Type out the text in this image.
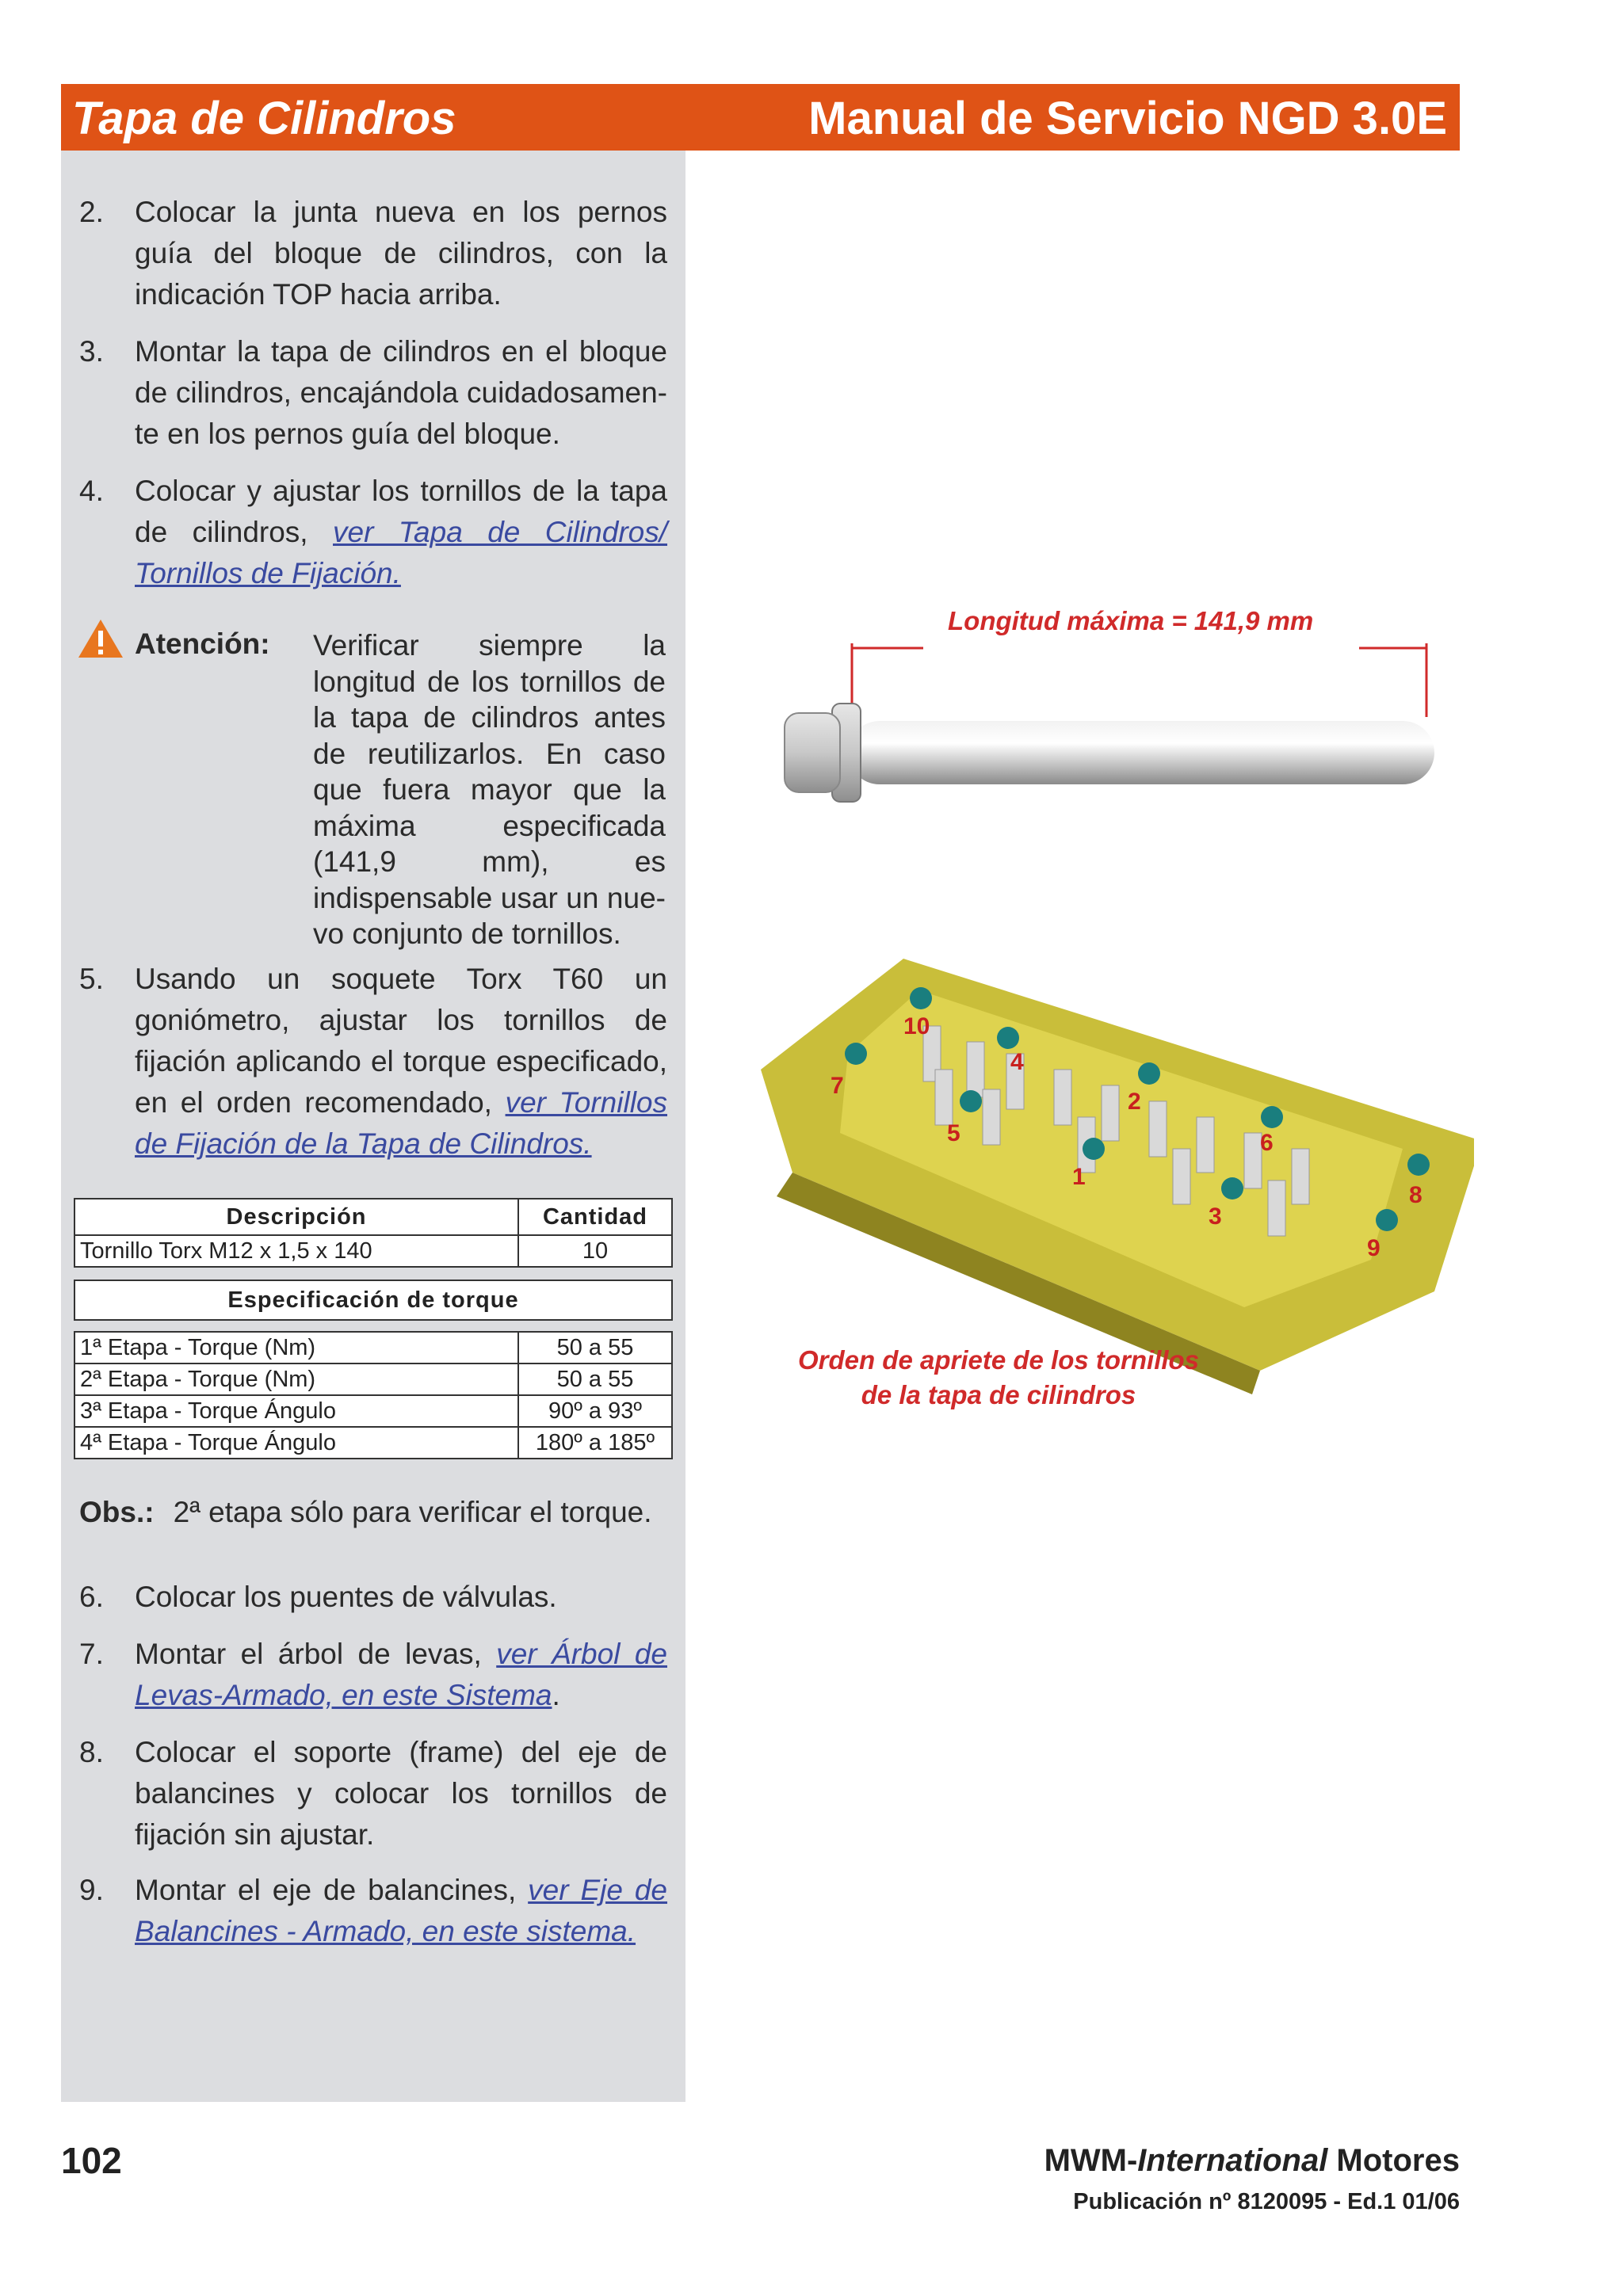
Tapa de Cilindros	Manual de Servicio NGD 3.0E
2.	Colocar la junta nueva en los pernos guía del bloque de cilindros, con la indicación TOP hacia arriba.
3.	Montar la tapa de cilindros en el bloque de cilindros, encajándola cuidadosamente en los pernos guía del bloque.
4.	Colocar y ajustar los tornillos de la tapa de cilindros, ver Tapa de Cilindros/ Tornillos de Fijación.
Atención: Verificar siempre la longitud de los tornillos de la tapa de cilindros antes de reutilizarlos. En caso que fuera mayor que la máxima especificada (141,9 mm), es indispensable usar un nuevo conjunto de tornillos.
5.	Usando un soquete Torx T60 un goniómetro, ajustar los tornillos de fijación aplicando el torque especificado, en el orden recomendado, ver Tornillos de Fijación de la Tapa de Cilindros.
Descripción	Cantidad
Tornillo Torx M12 x 1,5 x 140	10
Especificación de torque
1ª Etapa - Torque (Nm)	50 a 55
2ª Etapa - Torque (Nm)	50 a 55
3ª Etapa - Torque Ángulo	90º a 93º
4ª Etapa - Torque Ángulo	180º a 185º
Obs.: 2ª etapa sólo para verificar el torque.
6.	Colocar los puentes de válvulas.
7.	Montar el árbol de levas, ver Árbol de Levas-Armado, en este Sistema.
8.	Colocar el soporte (frame) del eje de balancines y colocar los tornillos de fijación sin ajustar.
9.	Montar el eje de balancines, ver Eje de Balancines - Armado, en este sistema.
Longitud máxima = 141,9 mm
10
4
7
2
5	6
1
8
3
9
Orden de apriete de los tornillos
de la tapa de cilindros
102	MWM-International Motores
Publicación nº 8120095 - Ed.1 01/06
